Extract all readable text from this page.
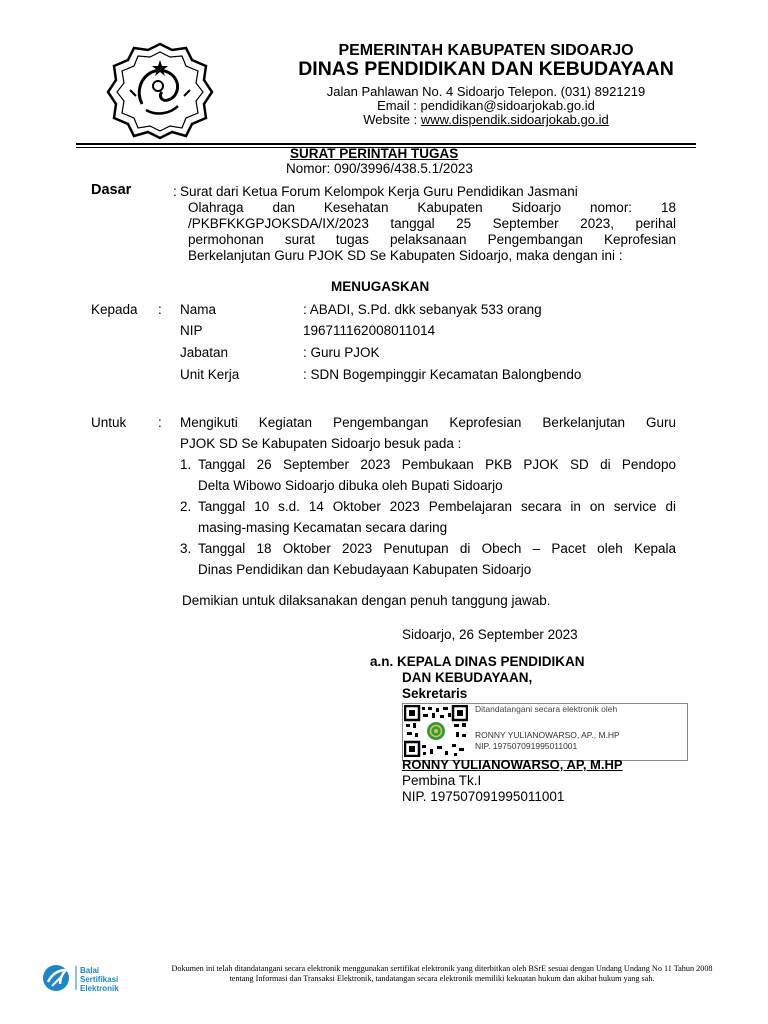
PEMERINTAH KABUPATEN SIDOARJO
DINAS PENDIDIKAN DAN KEBUDAYAAN
Jalan Pahlawan No. 4 Sidoarjo Telepon. (031) 8921219
Email : pendidikan@sidoarjokab.go.id
Website : www.dispendik.sidoarjokab.go.id
SURAT PERINTAH TUGAS
Nomor: 090/3996/438.5.1/2023
Dasar	: Surat dari Ketua Forum Kelompok Kerja Guru Pendidikan Jasmani
Olahraga dan Kesehatan Kabupaten Sidoarjo nomor: 18
/PKBFKKGPJOKSDA/IX/2023 tanggal 25 September 2023, perihal
permohonan surat tugas pelaksanaan Pengembangan Keprofesian
Berkelanjutan Guru PJOK SD Se Kabupaten Sidoarjo, maka dengan ini :
MENUGASKAN
Kepada : Nama	: ABADI, S.Pd. dkk sebanyak 533 orang
NIP	196711162008011014
Jabatan	: Guru PJOK
Unit Kerja	: SDN Bogempinggir Kecamatan Balongbendo
Untuk : Mengikuti Kegiatan Pengembangan Keprofesian Berkelanjutan Guru
PJOK SD Se Kabupaten Sidoarjo besuk pada :
1. Tanggal 26 September 2023 Pembukaan PKB PJOK SD di Pendopo
Delta Wibowo Sidoarjo dibuka oleh Bupati Sidoarjo
2. Tanggal 10 s.d. 14 Oktober 2023 Pembelajaran secara in on service di
masing-masing Kecamatan secara daring
3. Tanggal 18 Oktober 2023 Penutupan di Obech – Pacet oleh Kepala
Dinas Pendidikan dan Kebudayaan Kabupaten Sidoarjo
Demikian untuk dilaksanakan dengan penuh tanggung jawab.
Sidoarjo, 26 September 2023
a.n. KEPALA DINAS PENDIDIKAN
DAN KEBUDAYAAN,
Sekretaris
Ditandatangani secara elektronik oleh
RONNY YULIANOWARSO, AP., M.HP
NIP. 197507091995011001
RONNY YULIANOWARSO, AP, M.HP
Pembina Tk.I
NIP. 197507091995011001
Balai
Sertifikasi
Elektronik
Dokumen ini telah ditandatangani secara elektronik menggunakan sertifikat elektronik yang diterbitkan oleh BSrE sesuai dengan Undang Undang No 11 Tahun 2008 tentang Informasi dan Transaksi Elektronik, tandatangan secara elektronik memiliki kekuatan hukum dan akibat hukum yang sah.
